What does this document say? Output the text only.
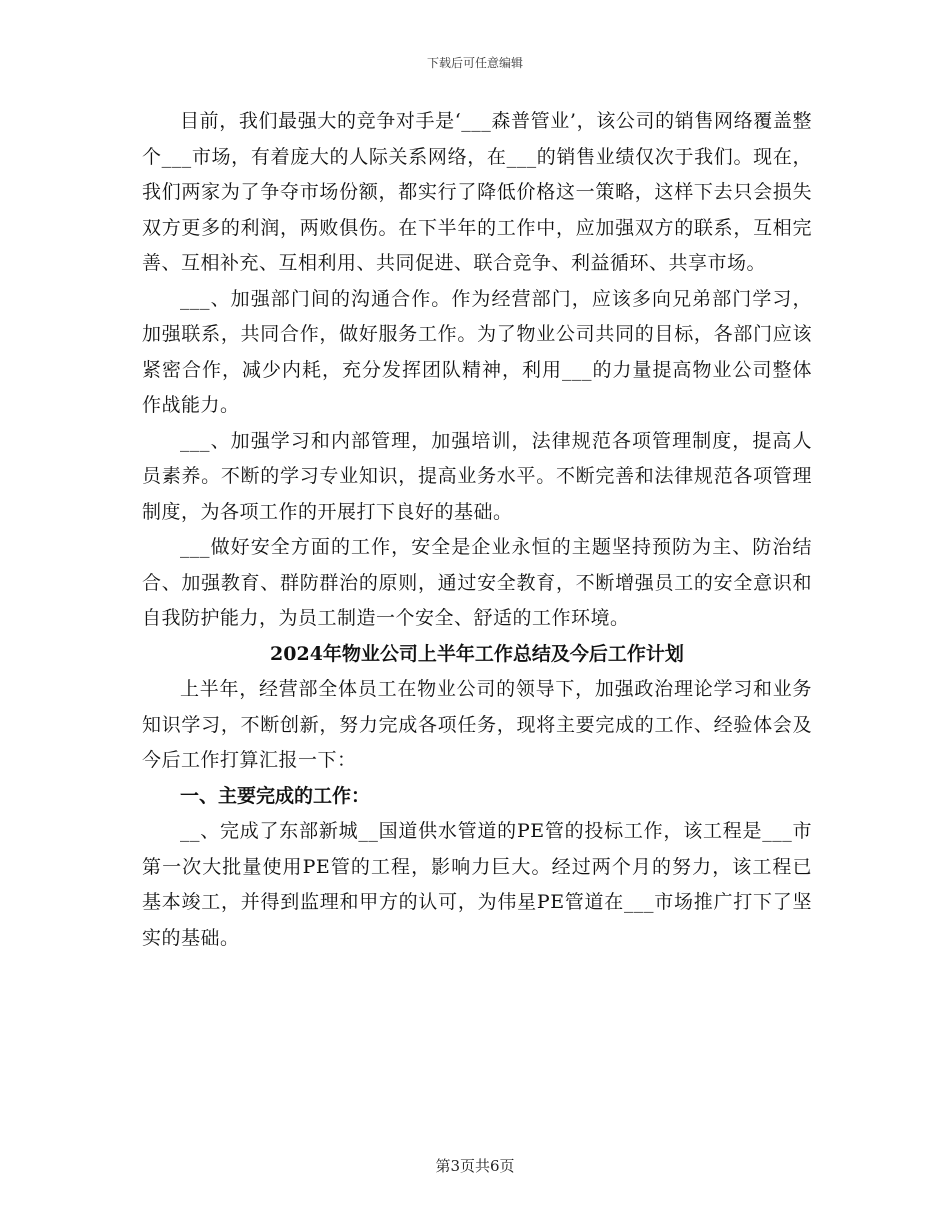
下载后可任意编辑

目前，我们最强大的竞争对手是‘___森普管业’，该公司的销售网络覆盖整个___市场，有着庞大的人际关系网络，在___的销售业绩仅次于我们。现在，我们两家为了争夺市场份额，都实行了降低价格这一策略，这样下去只会损失双方更多的利润，两败俱伤。在下半年的工作中，应加强双方的联系，互相完善、互相补充、互相利用、共同促进、联合竞争、利益循环、共享市场。

___、加强部门间的沟通合作。作为经营部门，应该多向兄弟部门学习，加强联系，共同合作，做好服务工作。为了物业公司共同的目标，各部门应该紧密合作，减少内耗，充分发挥团队精神，利用___的力量提高物业公司整体作战能力。

___、加强学习和内部管理，加强培训，法律规范各项管理制度，提高人员素养。不断的学习专业知识，提高业务水平。不断完善和法律规范各项管理制度，为各项工作的开展打下良好的基础。

___做好安全方面的工作，安全是企业永恒的主题坚持预防为主、防治结合、加强教育、群防群治的原则，通过安全教育，不断增强员工的安全意识和自我防护能力，为员工制造一个安全、舒适的工作环境。

2024年物业公司上半年工作总结及今后工作计划

上半年，经营部全体员工在物业公司的领导下，加强政治理论学习和业务知识学习，不断创新，努力完成各项任务，现将主要完成的工作、经验体会及今后工作打算汇报一下：

一、主要完成的工作：

__、完成了东部新城__国道供水管道的PE管的投标工作，该工程是___市第一次大批量使用PE管的工程，影响力巨大。经过两个月的努力，该工程已基本竣工，并得到监理和甲方的认可，为伟星PE管道在___市场推广打下了坚实的基础。

第3页共6页
